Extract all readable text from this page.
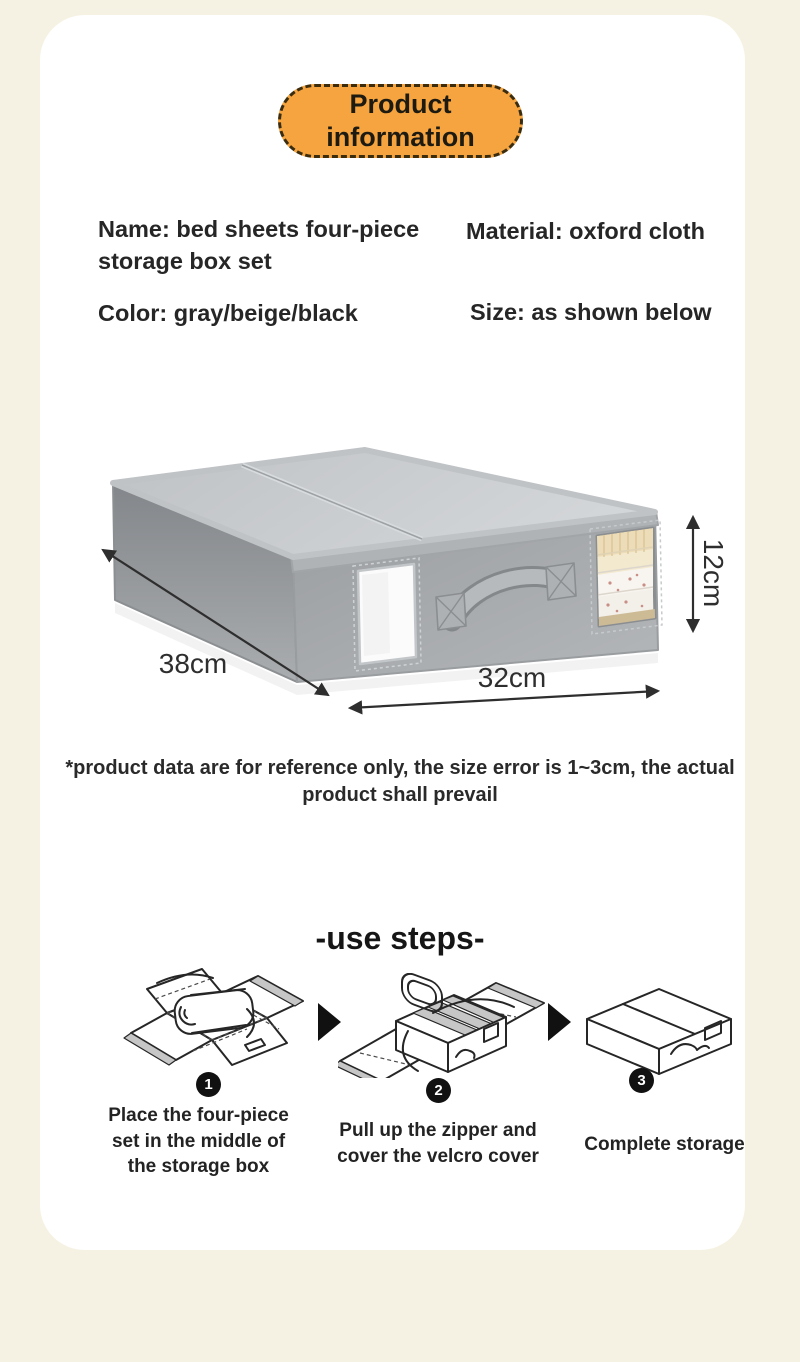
Product
information
Name: bed sheets four-piece storage box set
Material: oxford cloth
Color: gray/beige/black	Size: as shown below
12cm
38cm	32cm
*product data are for reference only, the size error is 1~3cm, the actual product shall prevail
-use steps-
1	2
3
Place the four-piece set in the middle of the storage box
Pull up the zipper and cover the velcro cover
Complete storage
